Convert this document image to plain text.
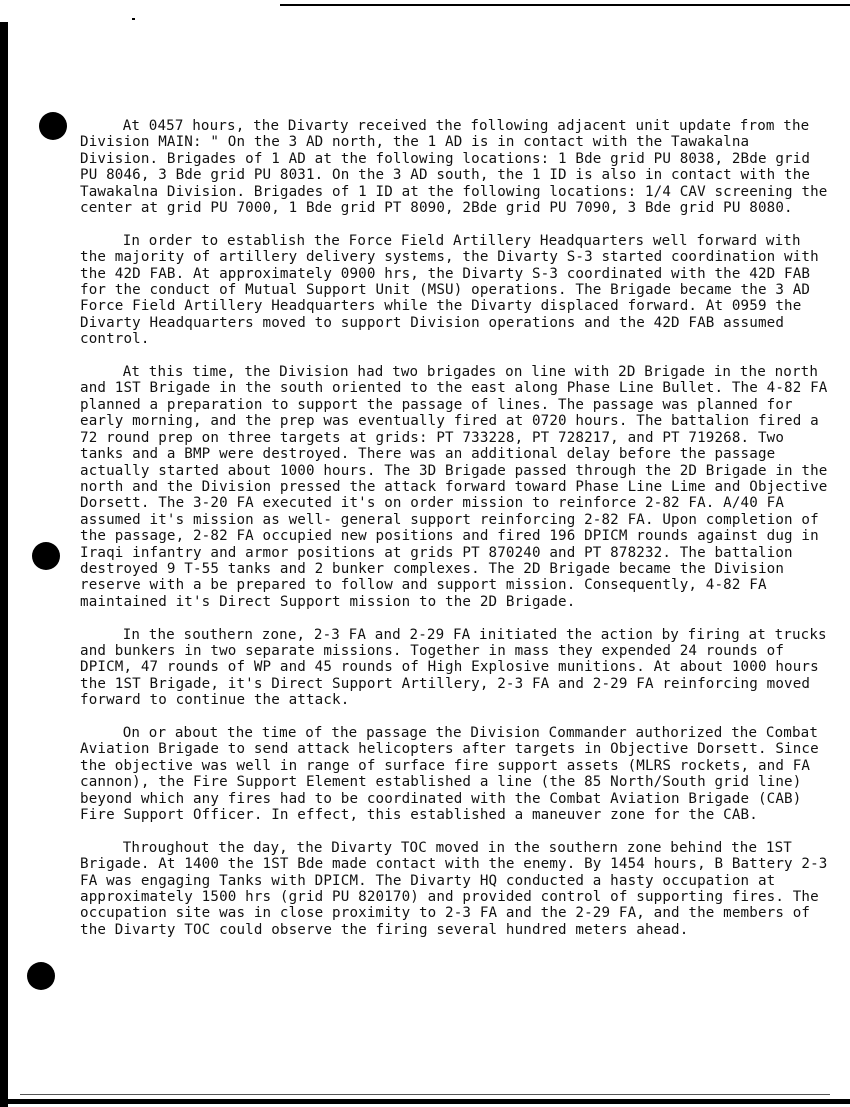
At 0457 hours, the Divarty received the following adjacent unit update from the Division MAIN: " On the 3 AD north, the 1 AD is in contact with the Tawakalna Division. Brigades of 1 AD at the following locations: 1 Bde grid PU 8038, 2Bde grid PU 8046, 3 Bde grid PU 8031. On the 3 AD south, the 1 ID is also in contact with the Tawakalna Division. Brigades of 1 ID at the following locations: 1/4 CAV screening the center at grid PU 7000, 1 Bde grid PT 8090, 2Bde grid PU 7090, 3 Bde grid PU 8080.

In order to establish the Force Field Artillery Headquarters well forward with the majority of artillery delivery systems, the Divarty S-3 started coordination with the 42D FAB. At approximately 0900 hrs, the Divarty S-3 coordinated with the 42D FAB for the conduct of Mutual Support Unit (MSU) operations. The Brigade became the 3 AD Force Field Artillery Headquarters while the Divarty displaced forward. At 0959 the Divarty Headquarters moved to support Division operations and the 42D FAB assumed control.

At this time, the Division had two brigades on line with 2D Brigade in the north and 1ST Brigade in the south oriented to the east along Phase Line Bullet. The 4-82 FA planned a preparation to support the passage of lines. The passage was planned for early morning, and the prep was eventually fired at 0720 hours. The battalion fired a 72 round prep on three targets at grids: PT 733228, PT 728217, and PT 719268. Two tanks and a BMP were destroyed. There was an additional delay before the passage actually started about 1000 hours. The 3D Brigade passed through the 2D Brigade in the north and the Division pressed the attack forward toward Phase Line Lime and Objective Dorsett. The 3-20 FA executed it's on order mission to reinforce 2-82 FA. A/40 FA assumed it's mission as well- general support reinforcing 2-82 FA. Upon completion of the passage, 2-82 FA occupied new positions and fired 196 DPICM rounds against dug in Iraqi infantry and armor positions at grids PT 870240 and PT 878232. The battalion destroyed 9 T-55 tanks and 2 bunker complexes. The 2D Brigade became the Division reserve with a be prepared to follow and support mission. Consequently, 4-82 FA maintained it's Direct Support mission to the 2D Brigade.

In the southern zone, 2-3 FA and 2-29 FA initiated the action by firing at trucks and bunkers in two separate missions. Together in mass they expended 24 rounds of DPICM, 47 rounds of WP and 45 rounds of High Explosive munitions. At about 1000 hours the 1ST Brigade, it's Direct Support Artillery, 2-3 FA and 2-29 FA reinforcing moved forward to continue the attack.

On or about the time of the passage the Division Commander authorized the Combat Aviation Brigade to send attack helicopters after targets in Objective Dorsett. Since the objective was well in range of surface fire support assets (MLRS rockets, and FA cannon), the Fire Support Element established a line (the 85 North/South grid line) beyond which any fires had to be coordinated with the Combat Aviation Brigade (CAB) Fire Support Officer. In effect, this established a maneuver zone for the CAB.

Throughout the day, the Divarty TOC moved in the southern zone behind the 1ST Brigade. At 1400 the 1ST Bde made contact with the enemy. By 1454 hours, B Battery 2-3 FA was engaging Tanks with DPICM. The Divarty HQ conducted a hasty occupation at approximately 1500 hrs (grid PU 820170) and provided control of supporting fires. The occupation site was in close proximity to 2-3 FA and the 2-29 FA, and the members of the Divarty TOC could observe the firing several hundred meters ahead.
